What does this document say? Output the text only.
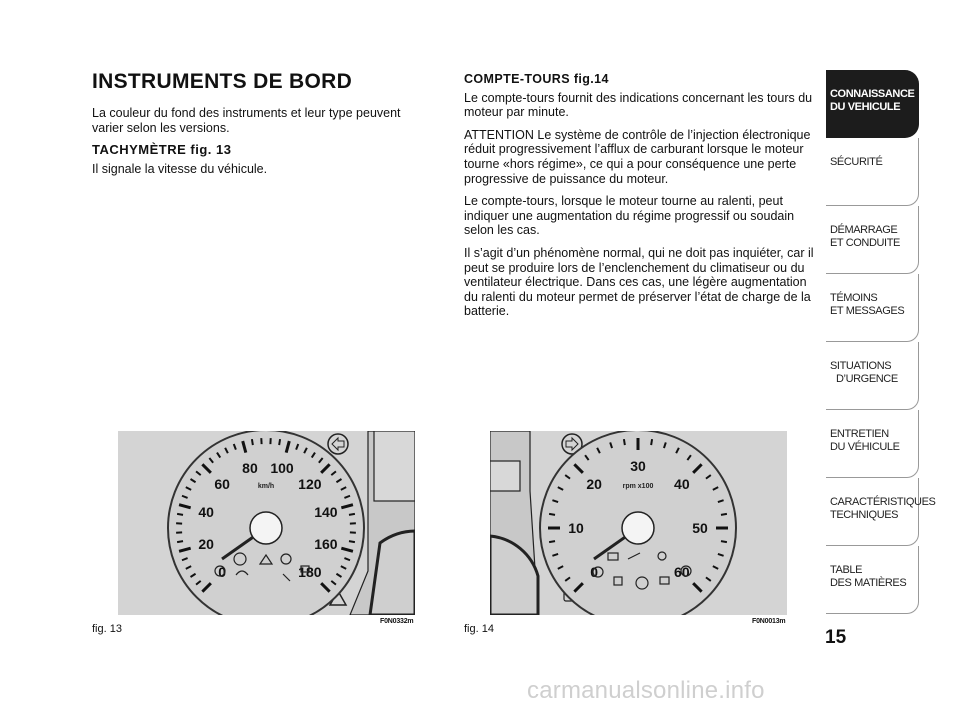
INSTRUMENTS DE BORD

La couleur du fond des instruments et leur type peuvent varier selon les versions.

TACHYMÈTRE fig. 13

Il signale la vitesse du véhicule.

COMPTE-TOURS fig.14

Le compte-tours fournit des indications concernant les tours du moteur par minute.

ATTENTION Le système de contrôle de l’injection électronique réduit progressivement l’afflux de carburant lorsque le moteur tourne «hors régime», ce qui a pour conséquence une perte progressive de puissance du moteur.

Le compte-tours, lorsque le moteur tourne au ralenti, peut indiquer une augmentation du régime progressif ou soudain selon les cas.

Il s’agit d’un phénomène normal, qui ne doit pas inquiéter, car il peut se produire lors de l’enclenchement du climatiseur ou du ventilateur électrique. Dans ces cas, une légère augmentation du ralenti du moteur permet de préserver l’état de charge de la batterie.

CONNAISSANCE
DU VEHICULE
SÉCURITÉ
DÉMARRAGE
ET CONDUITE
TÉMOINS
ET MESSAGES
SITUATIONS
D’URGENCE
ENTRETIEN
DU VÉHICULE
CARACTÉRISTIQUES
TECHNIQUES
TABLE
DES MATIÈRES
15
km/h
0
20
40
60
80 100
120
140
160
180
fig. 13
F0N0332m
rpm x100
0
10
20
30
40
50
60
fig. 14
F0N0013m
carmanualsonline.info
